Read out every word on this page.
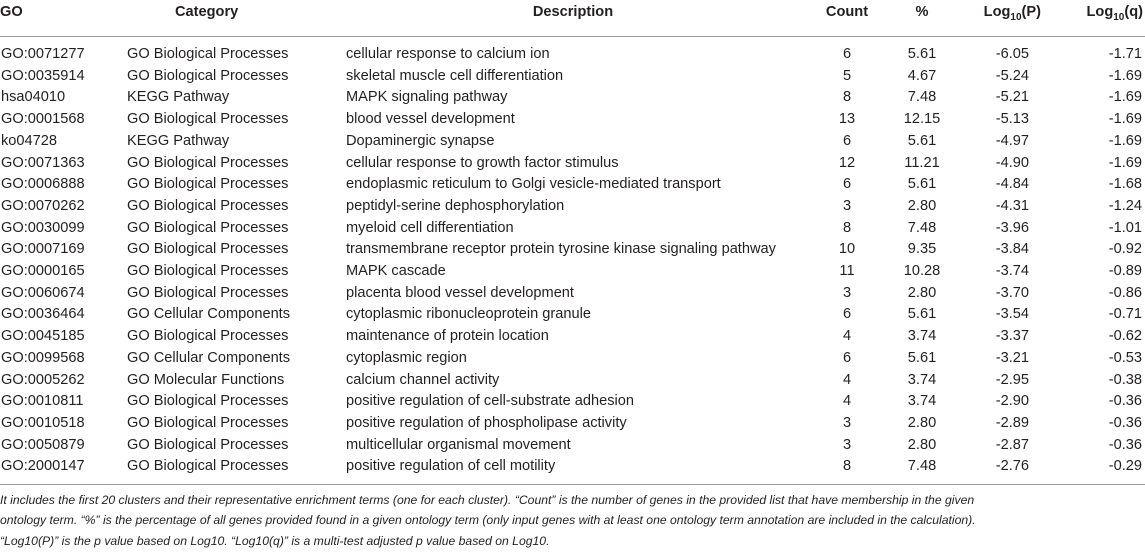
GO	Category	Description	Count	%	Log$_{10}$(P)	Log$_{10}$(q)
GO:0071277	GO Biological Processes	cellular response to calcium ion	6	5.61	-6.05	-1.71
GO:0035914	GO Biological Processes	skeletal muscle cell differentiation	5	4.67	-5.24	-1.69
hsa04010	KEGG Pathway	MAPK signaling pathway	8	7.48	-5.21	-1.69
GO:0001568	GO Biological Processes	blood vessel development	13	12.15	-5.13	-1.69
ko04728	KEGG Pathway	Dopaminergic synapse	6	5.61	-4.97	-1.69
GO:0071363	GO Biological Processes	cellular response to growth factor stimulus	12	11.21	-4.90	-1.69
GO:0006888	GO Biological Processes	endoplasmic reticulum to Golgi vesicle-mediated transport	6	5.61	-4.84	-1.68
GO:0070262	GO Biological Processes	peptidyl-serine dephosphorylation	3	2.80	-4.31	-1.24
GO:0030099	GO Biological Processes	myeloid cell differentiation	8	7.48	-3.96	-1.01
GO:0007169	GO Biological Processes	transmembrane receptor protein tyrosine kinase signaling pathway	10	9.35	-3.84	-0.92
GO:0000165	GO Biological Processes	MAPK cascade	11	10.28	-3.74	-0.89
GO:0060674	GO Biological Processes	placenta blood vessel development	3	2.80	-3.70	-0.86
GO:0036464	GO Cellular Components	cytoplasmic ribonucleoprotein granule	6	5.61	-3.54	-0.71
GO:0045185	GO Biological Processes	maintenance of protein location	4	3.74	-3.37	-0.62
GO:0099568	GO Cellular Components	cytoplasmic region	6	5.61	-3.21	-0.53
GO:0005262	GO Molecular Functions	calcium channel activity	4	3.74	-2.95	-0.38
GO:0010811	GO Biological Processes	positive regulation of cell-substrate adhesion	4	3.74	-2.90	-0.36
GO:0010518	GO Biological Processes	positive regulation of phospholipase activity	3	2.80	-2.89	-0.36
GO:0050879	GO Biological Processes	multicellular organismal movement	3	2.80	-2.87	-0.36
GO:2000147	GO Biological Processes	positive regulation of cell motility	8	7.48	-2.76	-0.29

It includes the first 20 clusters and their representative enrichment terms (one for each cluster). “Count” is the number of genes in the provided list that have membership in the given

ontology term. “%” is the percentage of all genes provided found in a given ontology term (only input genes with at least one ontology term annotation are included in the calculation).

“Log10(P)” is the p value based on Log10. “Log10(q)” is a multi-test adjusted p value based on Log10.
